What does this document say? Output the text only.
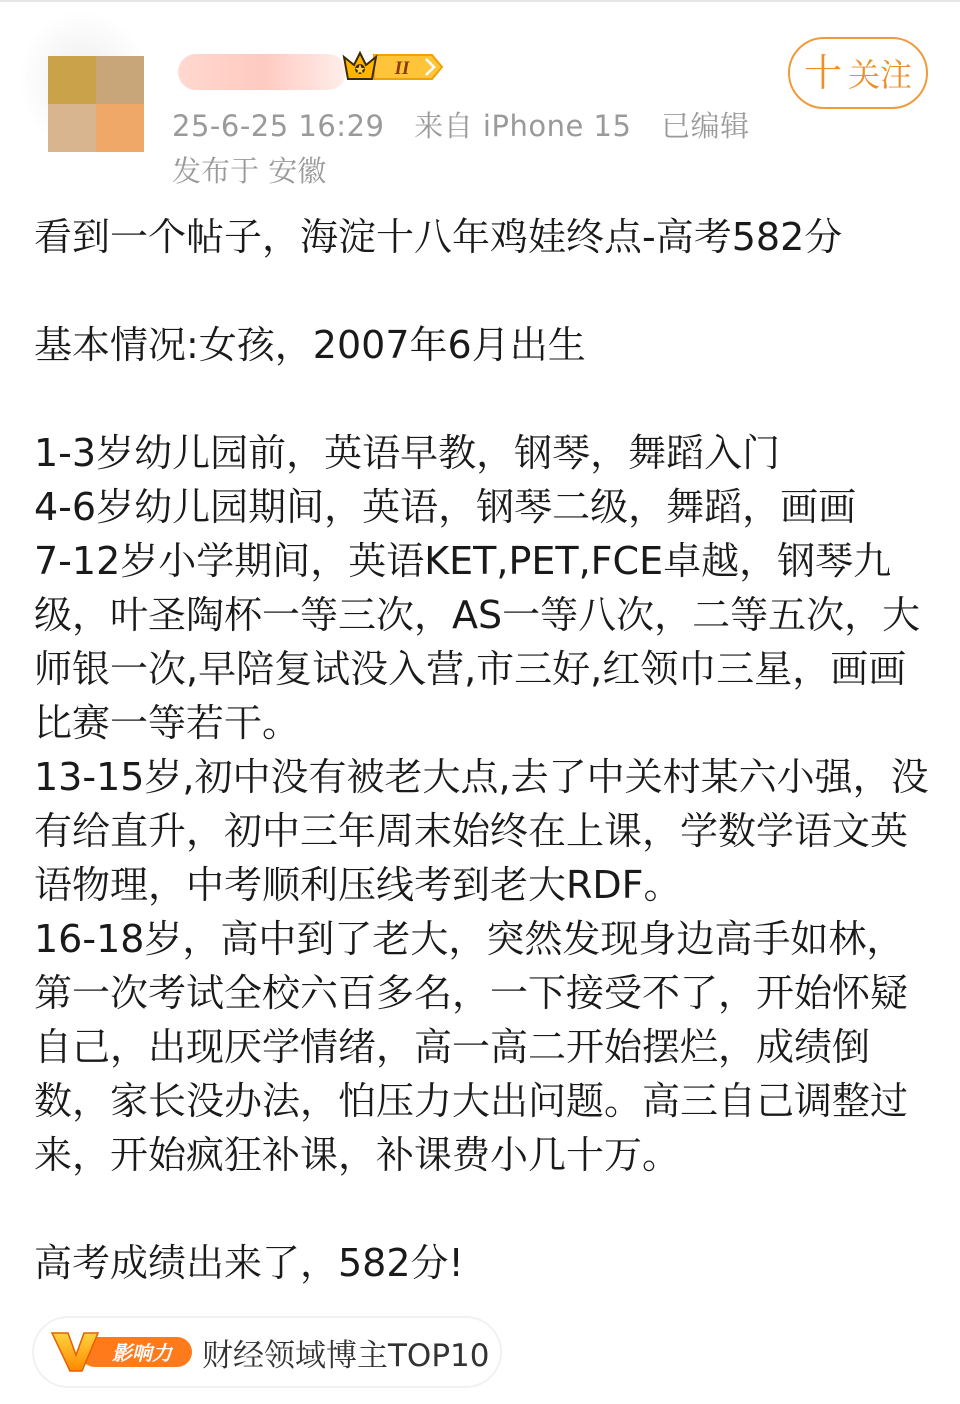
II
25-6-25 16:29 来自 iPhone 15 已编辑
发布于 安徽
十 关注

看到一个帖子，海淀十八年鸡娃终点-高考582分

基本情况:女孩，2007年6月出生

1-3岁幼儿园前，英语早教，钢琴，舞蹈入门

4-6岁幼儿园期间，英语，钢琴二级，舞蹈，画画

7-12岁小学期间，英语KET,PET,FCE卓越，钢琴九级，叶圣陶杯一等三次，AS一等八次，二等五次，大师银一次,早陪复试没入营,市三好,红领巾三星，画画比赛一等若干。

13-15岁,初中没有被老大点,去了中关村某六小强，没有给直升，初中三年周末始终在上课，学数学语文英语物理，中考顺利压线考到老大RDF。

16-18岁，高中到了老大，突然发现身边高手如林，第一次考试全校六百多名，一下接受不了，开始怀疑自己，出现厌学情绪，高一高二开始摆烂，成绩倒数，家长没办法，怕压力大出问题。高三自己调整过来，开始疯狂补课，补课费小几十万。

高考成绩出来了，582分!

影响力 财经领域博主TOP10
